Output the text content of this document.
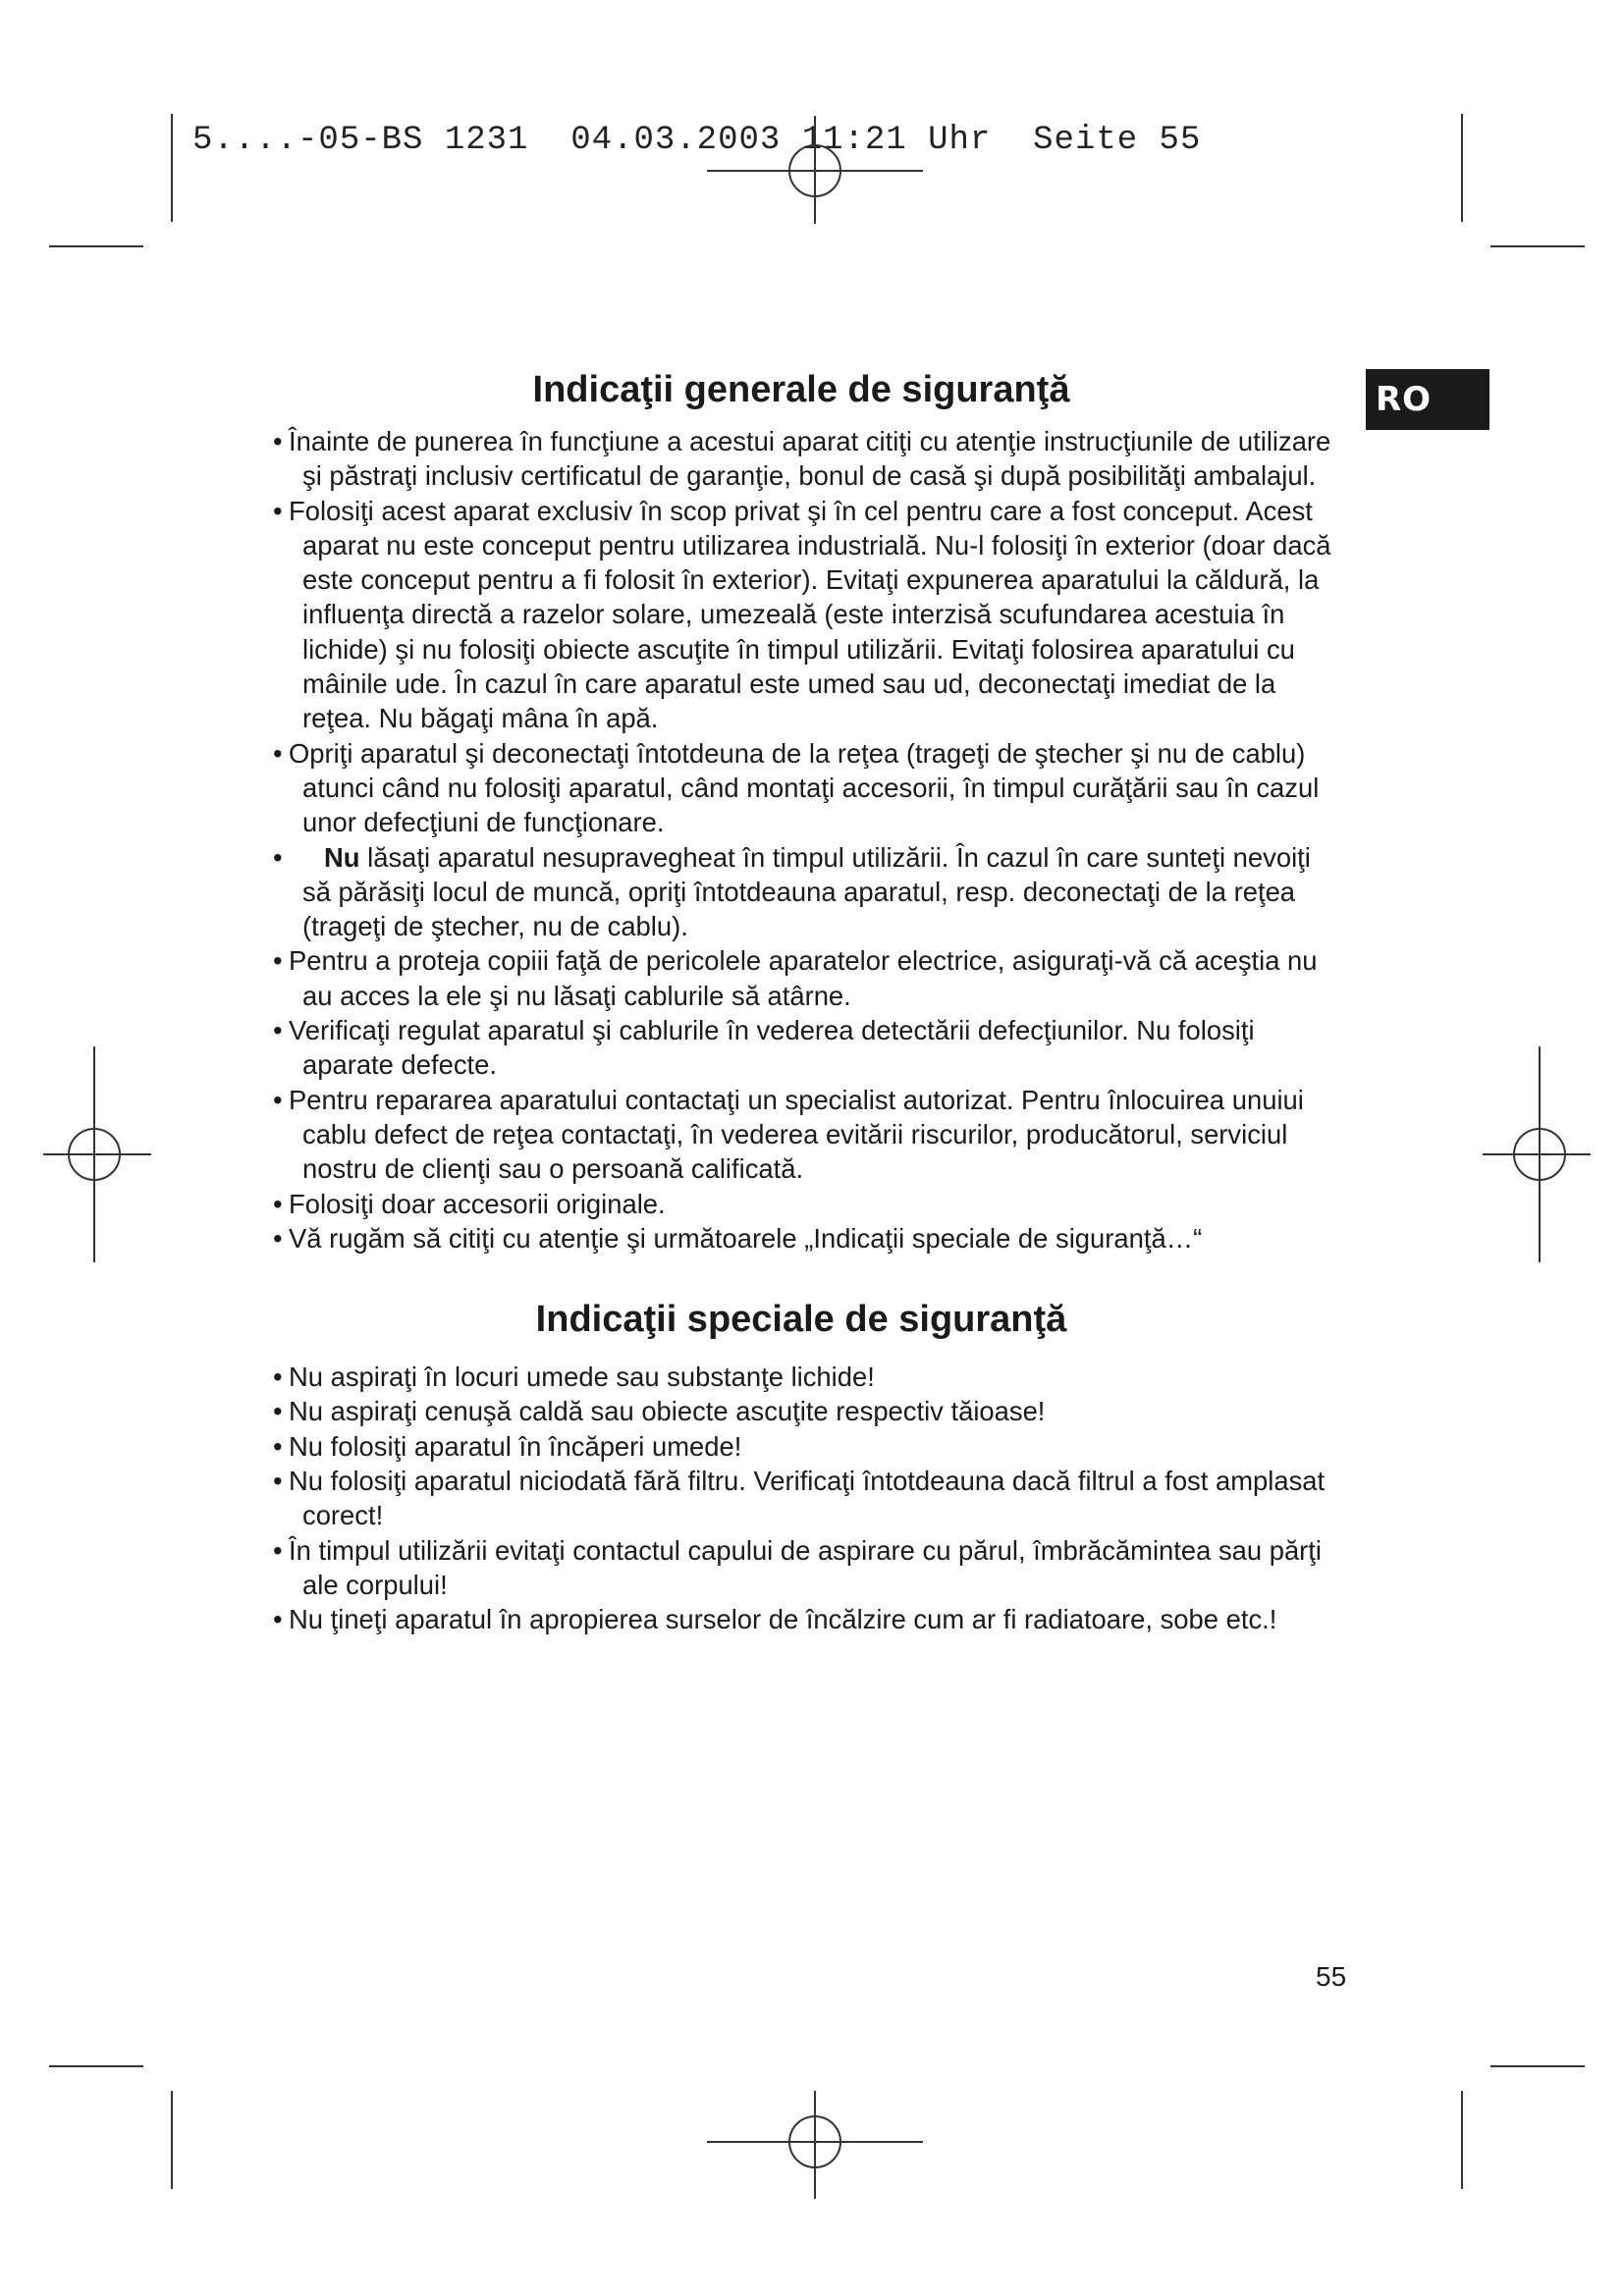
5....-05-BS 1231  04.03.2003 11:21 Uhr  Seite 55
RO
Indicaţii generale de siguranţă
• Înainte de punerea în funcţiune a acestui aparat citiţi cu atenţie instrucţiunile de utilizare şi păstraţi inclusiv certificatul de garanţie, bonul de casă şi după posibilităţi ambalajul.
• Folosiţi acest aparat exclusiv în scop privat şi în cel pentru care a fost conceput. Acest aparat nu este conceput pentru utilizarea industrială. Nu-l folosiţi în exterior (doar dacă este conceput pentru a fi folosit în exterior). Evitaţi expunerea aparatului la căldură, la influenţa directă a razelor solare, umezeală (este interzisă scufundarea acestuia în lichide) şi nu folosiţi obiecte ascuţite în timpul utilizării. Evitaţi folosirea aparatului cu mâinile ude. În cazul în care aparatul este umed sau ud, deconectaţi imediat de la reţea. Nu băgaţi mâna în apă.
• Opriţi aparatul şi deconectaţi întotdeuna de la reţea (trageţi de ştecher şi nu de cablu) atunci când nu folosiţi aparatul, când montaţi accesorii, în timpul curăţării sau în cazul unor defecţiuni de funcţionare.
• Nu lăsaţi aparatul nesupravegheat în timpul utilizării. În cazul în care sunteţi nevoiţi să părăsiţi locul de muncă, opriţi întotdeauna aparatul, resp. deconectaţi de la reţea (trageţi de ştecher, nu de cablu).
• Pentru a proteja copiii faţă de pericolele aparatelor electrice, asiguraţi-vă că aceştia nu au acces la ele şi nu lăsaţi cablurile să atârne.
• Verificaţi regulat aparatul şi cablurile în vederea detectării defecţiunilor. Nu folosiţi aparate defecte.
• Pentru repararea aparatului contactaţi un specialist autorizat. Pentru înlocuirea unuiui cablu defect de reţea contactaţi, în vederea evitării riscurilor, producătorul, serviciul nostru de clienţi sau o persoană calificată.
• Folosiţi doar accesorii originale.
• Vă rugăm să citiţi cu atenţie şi următoarele „Indicaţii speciale de siguranţă…“
Indicaţii speciale de siguranţă
• Nu aspiraţi în locuri umede sau substanţe lichide!
• Nu aspiraţi cenuşă caldă sau obiecte ascuţite respectiv tăioase!
• Nu folosiţi aparatul în încăperi umede!
• Nu folosiţi aparatul niciodată fără filtru. Verificaţi întotdeauna dacă filtrul a fost amplasat corect!
• În timpul utilizării evitaţi contactul capului de aspirare cu părul, îmbrăcămintea sau părţi ale corpului!
• Nu ţineţi aparatul în apropierea surselor de încălzire cum ar fi radiatoare, sobe etc.!
55
